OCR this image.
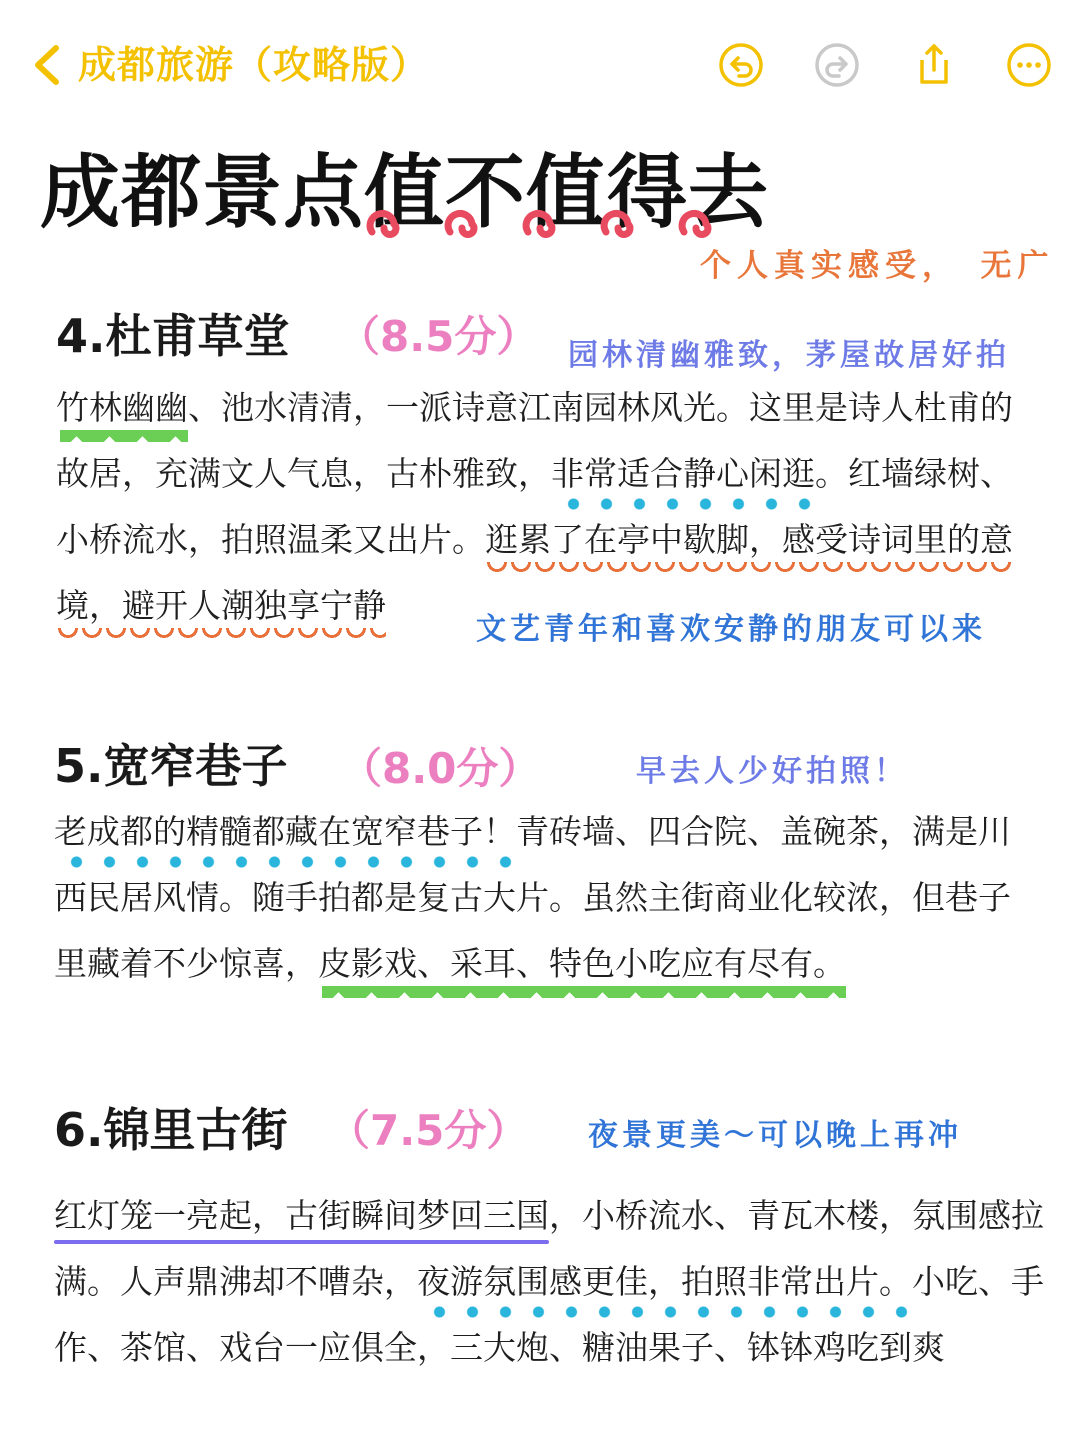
成都旅游（攻略版）
成都景点值不值得去
个人真实感受，　无广
4.杜甫草堂 （8.5分） 园林清幽雅致，茅屋故居好拍
竹林幽幽、池水清清，一派诗意江南园林风光。这里是诗人杜甫的
故居，充满文人气息，古朴雅致，非常适合静心闲逛。红墙绿树、
小桥流水，拍照温柔又出片。逛累了在亭中歇脚，感受诗词里的意
境，避开人潮独享宁静
文艺青年和喜欢安静的朋友可以来
5.宽窄巷子 （8.0分）	早去人少好拍照！
老成都的精髓都藏在宽窄巷子！青砖墙、四合院、盖碗茶，满是川
西民居风情。随手拍都是复古大片。虽然主街商业化较浓，但巷子
里藏着不少惊喜，皮影戏、采耳、特色小吃应有尽有。
6.锦里古街 （7.5分） 夜景更美～可以晚上再冲
红灯笼一亮起，古街瞬间梦回三国，小桥流水、青瓦木楼，氛围感拉
满。人声鼎沸却不嘈杂，夜游氛围感更佳，拍照非常出片。小吃、手
作、茶馆、戏台一应俱全，三大炮、糖油果子、钵钵鸡吃到爽
